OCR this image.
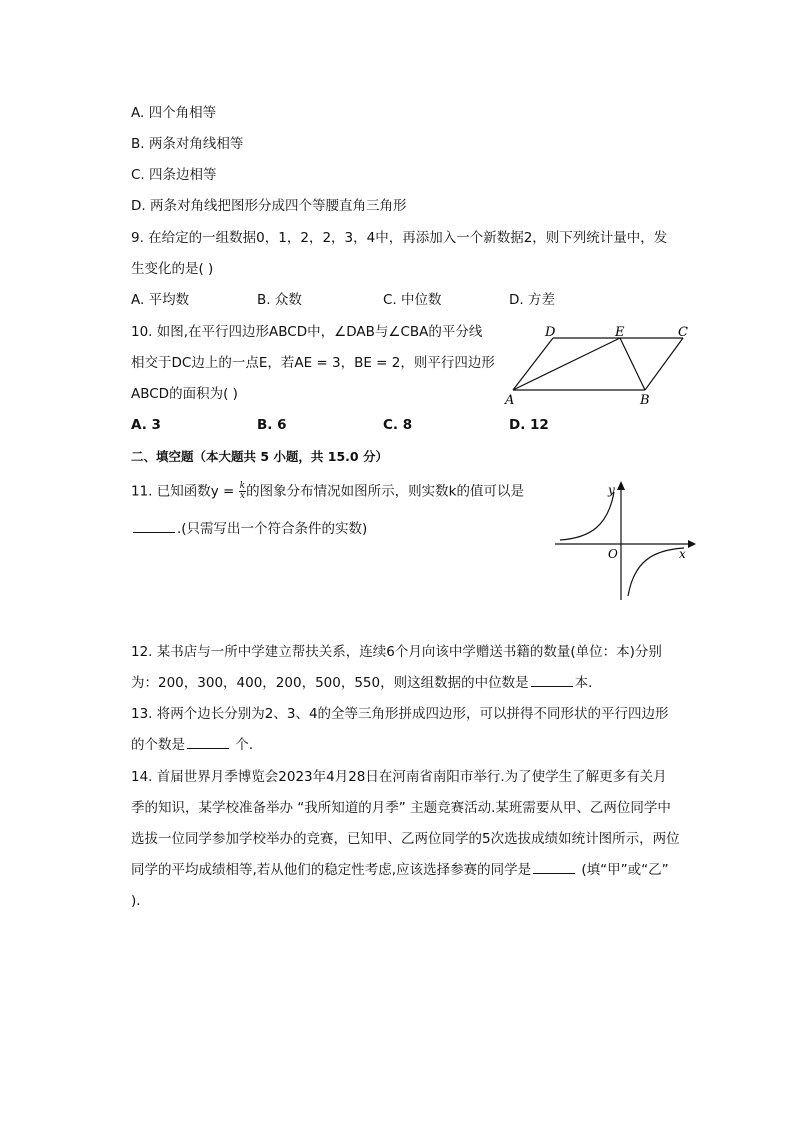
A. 四个角相等
B. 两条对角线相等
C. 四条边相等
D. 两条对角线把图形分成四个等腰直角三角形
9. 在给定的一组数据0，1，2，2，3，4中，再添加入一个新数据2，则下列统计量中，发
生变化的是( )
A. 平均数	B. 众数	C. 中位数	D. 方差
10. 如图,在平行四边形ABCD中，∠DAB与∠CBA的平分线
相交于DC边上的一点E，若AE = 3，BE = 2，则平行四边形
ABCD的面积为( )
A. 3	B. 6	C. 8	D. 12
D	E	C
A	B
二、填空题（本大题共 5 小题，共 15.0 分）
11. 已知函数$y = \frac{k}{x}$ 的图象分布情况如图所示，则实数k的值可以是
.(只需写出一个符合条件的实数)
y
x
O
12. 某书店与一所中学建立帮扶关系，连续6个月向该中学赠送书籍的数量(单位：本)分别
为：200，300，400，200，500，550，则这组数据的中位数是	本．
13. 将两个边长分别为2、3、4的全等三角形拼成四边形，可以拼得不同形状的平行四边形
的个数是	个.
14. 首届世界月季博览会2023年4月28日在河南省南阳市举行.为了使学生了解更多有关月
季的知识，某学校准备举办 “我所知道的月季” 主题竞赛活动.某班需要从甲、乙两位同学中
选拔一位同学参加学校举办的竞赛，已知甲、乙两位同学的5次选拔成绩如统计图所示，两位
同学的平均成绩相等,若从他们的稳定性考虑,应该选择参赛的同学是	(填“甲”或“乙”
)．
